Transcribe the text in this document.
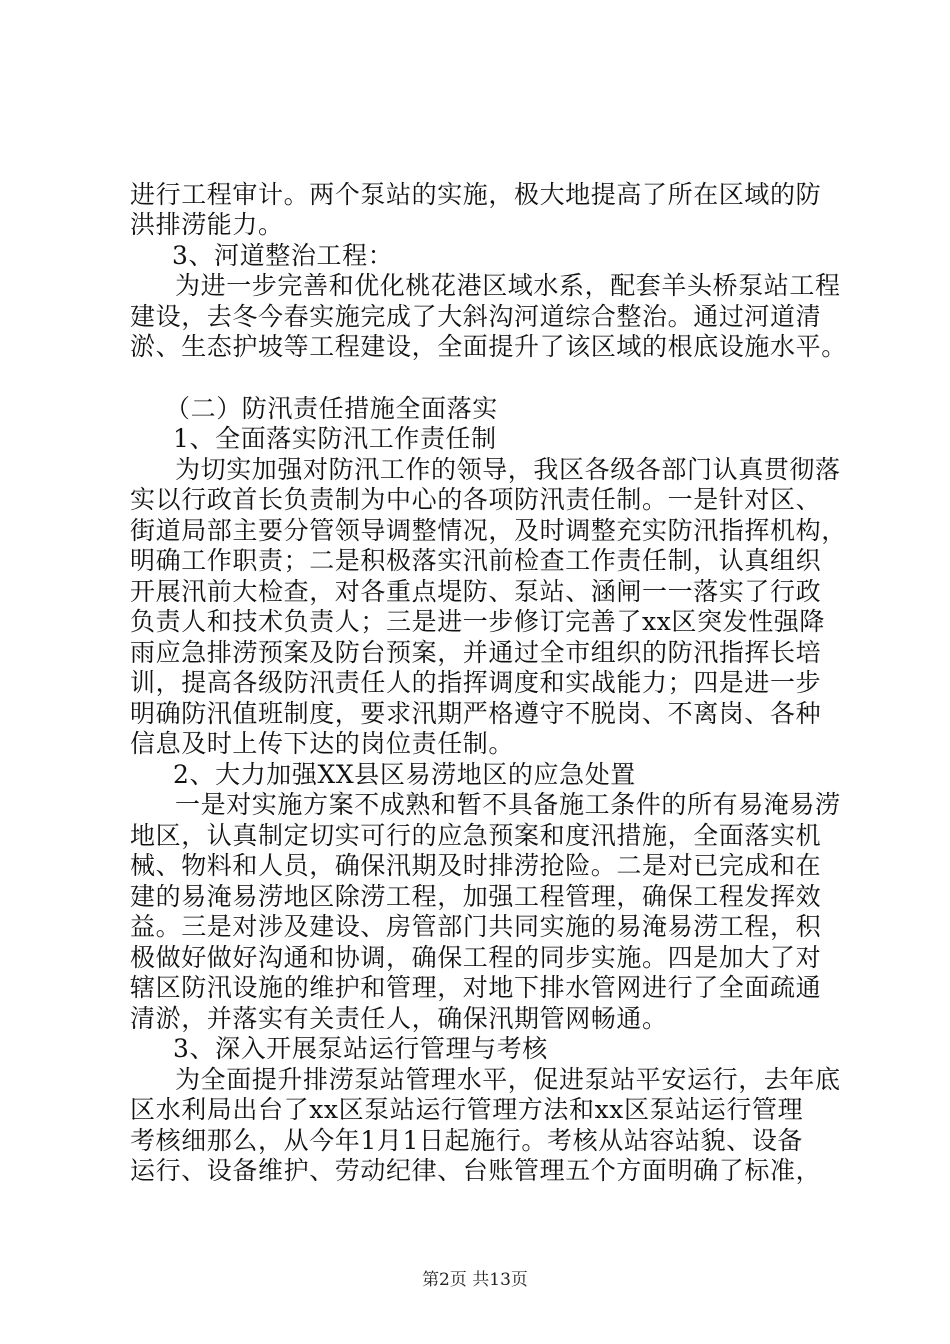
进行工程审计。两个泵站的实施，极大地提高了所在区域的防
洪排涝能力。
3、河道整治工程：
为进一步完善和优化桃花港区域水系，配套羊头桥泵站工程
建设，去冬今春实施完成了大斜沟河道综合整治。通过河道清
淤、生态护坡等工程建设，全面提升了该区域的根底设施水平。
（二）防汛责任措施全面落实
1、全面落实防汛工作责任制
为切实加强对防汛工作的领导，我区各级各部门认真贯彻落
实以行政首长负责制为中心的各项防汛责任制。一是针对区、
街道局部主要分管领导调整情况，及时调整充实防汛指挥机构，
明确工作职责；二是积极落实汛前检查工作责任制，认真组织
开展汛前大检查，对各重点堤防、泵站、涵闸一一落实了行政
负责人和技术负责人；三是进一步修订完善了xx区突发性强降
雨应急排涝预案及防台预案，并通过全市组织的防汛指挥长培
训，提高各级防汛责任人的指挥调度和实战能力；四是进一步
明确防汛值班制度，要求汛期严格遵守不脱岗、不离岗、各种
信息及时上传下达的岗位责任制。
2、大力加强XX县区易涝地区的应急处置
一是对实施方案不成熟和暂不具备施工条件的所有易淹易涝
地区，认真制定切实可行的应急预案和度汛措施，全面落实机
械、物料和人员，确保汛期及时排涝抢险。二是对已完成和在
建的易淹易涝地区除涝工程，加强工程管理，确保工程发挥效
益。三是对涉及建设、房管部门共同实施的易淹易涝工程，积
极做好做好沟通和协调，确保工程的同步实施。四是加大了对
辖区防汛设施的维护和管理，对地下排水管网进行了全面疏通
清淤，并落实有关责任人，确保汛期管网畅通。
3、深入开展泵站运行管理与考核
为全面提升排涝泵站管理水平，促进泵站平安运行，去年底
区水利局出台了xx区泵站运行管理方法和xx区泵站运行管理
考核细那么，从今年1月1日起施行。考核从站容站貌、设备
运行、设备维护、劳动纪律、台账管理五个方面明确了标准，
第2页 共13页
